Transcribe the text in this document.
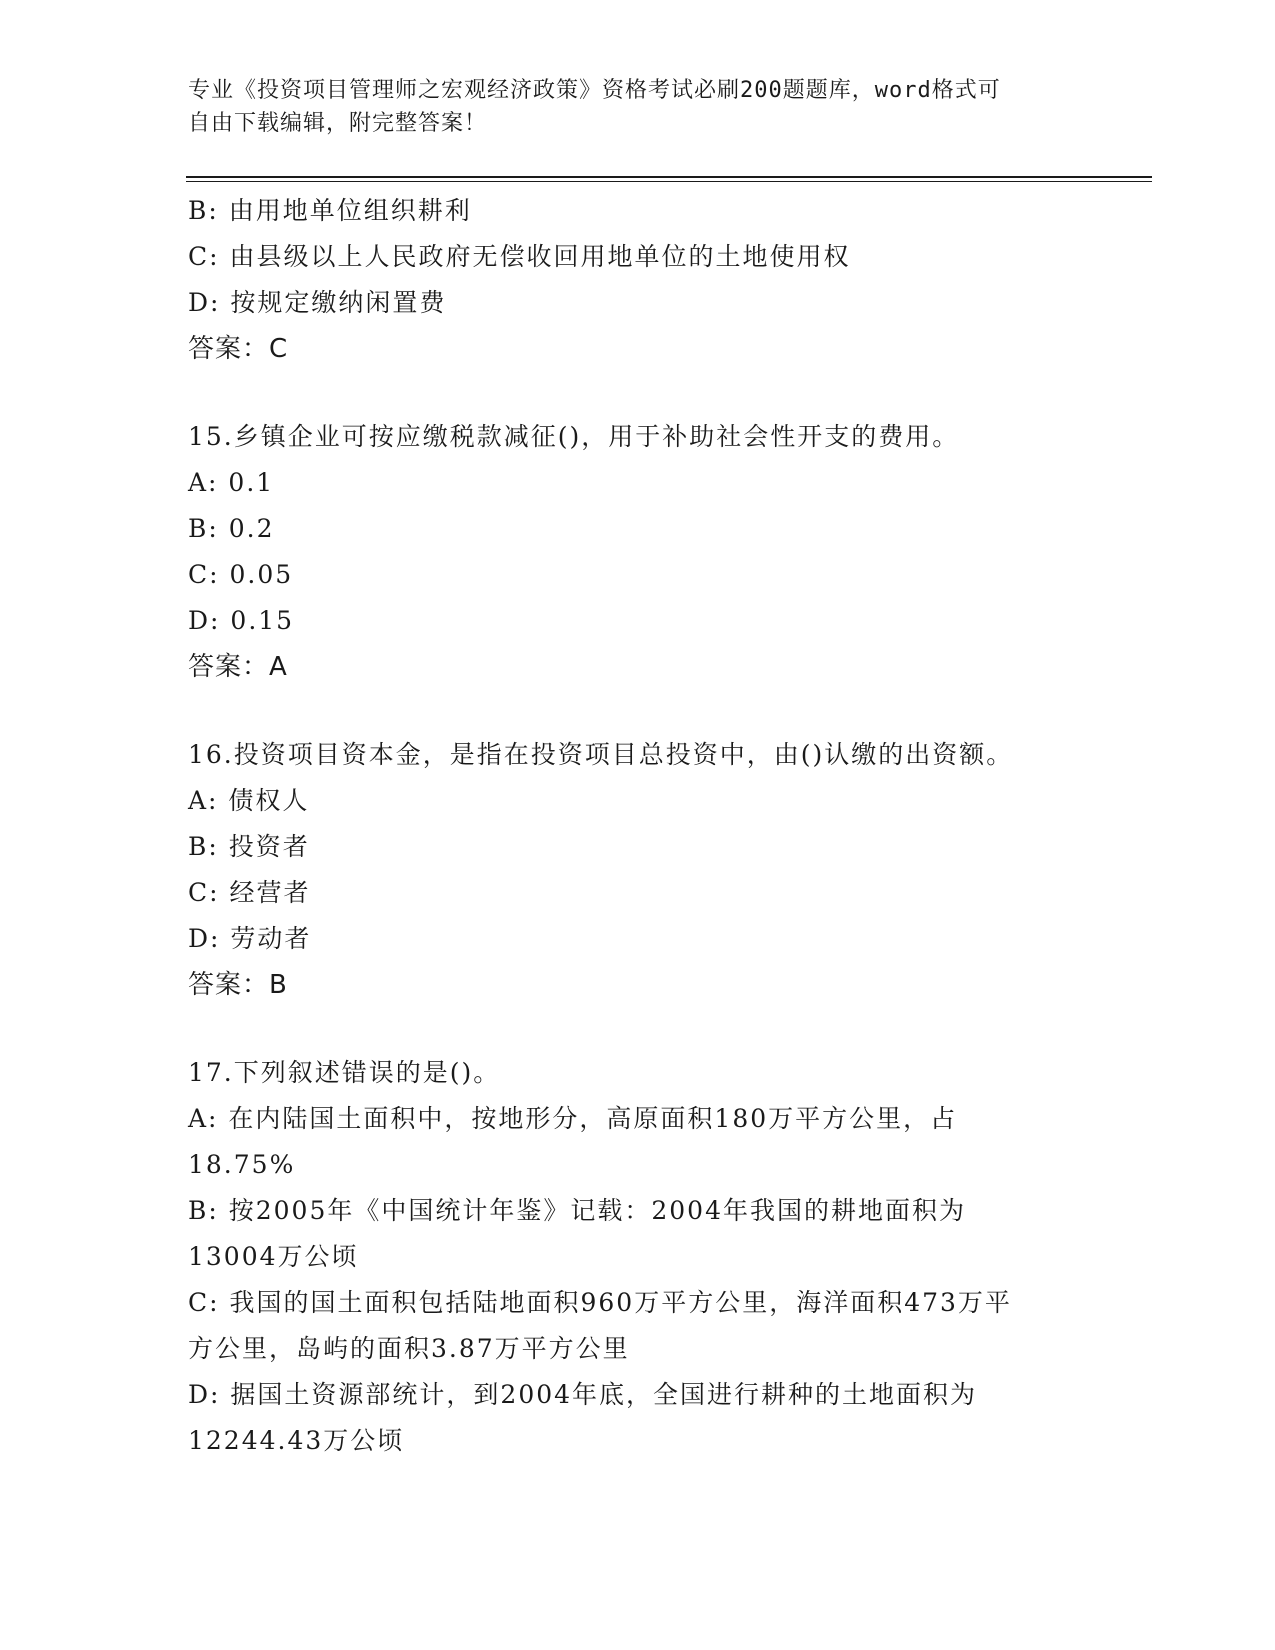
专业《投资项目管理师之宏观经济政策》资格考试必刷200题题库，word格式可
自由下载编辑，附完整答案！
B: 由用地单位组织耕利
C: 由县级以上人民政府无偿收回用地单位的土地使用权
D: 按规定缴纳闲置费
答案：C
15.乡镇企业可按应缴税款减征()，用于补助社会性开支的费用。
A: 0.1
B: 0.2
C: 0.05
D: 0.15
答案：A
16.投资项目资本金，是指在投资项目总投资中，由()认缴的出资额。
A: 债权人
B: 投资者
C: 经营者
D: 劳动者
答案：B
17.下列叙述错误的是()。
A: 在内陆国土面积中，按地形分，高原面积180万平方公里，占
18.75%
B: 按2005年《中国统计年鉴》记载：2004年我国的耕地面积为
13004万公顷
C: 我国的国土面积包括陆地面积960万平方公里，海洋面积473万平
方公里，岛屿的面积3.87万平方公里
D: 据国土资源部统计，到2004年底，全国进行耕种的土地面积为
12244.43万公顷
